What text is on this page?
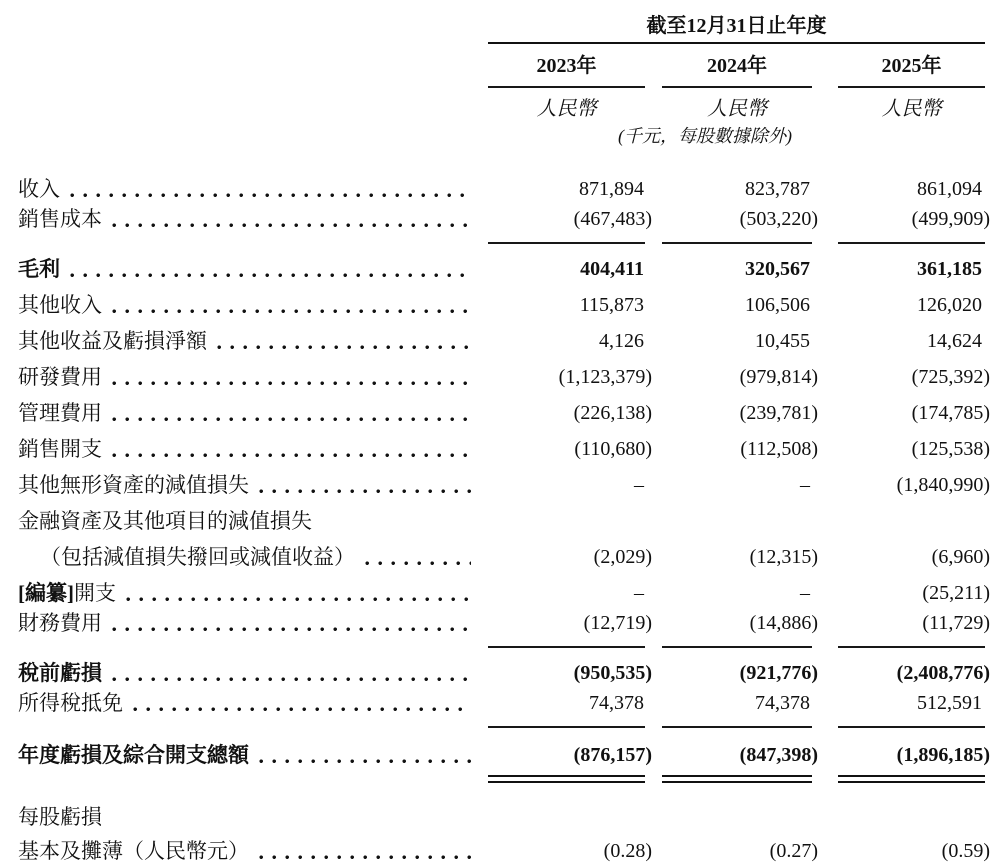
截至12月31日止年度
2023年	2024年	2025年
人民幣	人民幣	人民幣
(千元，每股數據除外)
收入	871,894	823,787	861,094
銷售成本	(467,483)	(503,220)	(499,909)
毛利	404,411	320,567	361,185
其他收入	115,873	106,506	126,020
其他收益及虧損淨額	4,126	10,455	14,624
研發費用	(1,123,379)	(979,814)	(725,392)
管理費用	(226,138)	(239,781)	(174,785)
銷售開支	(110,680)	(112,508)	(125,538)
其他無形資產的減值損失	–	–	(1,840,990)
金融資產及其他項目的減值損失
（包括減值損失撥回或減值收益）	(2,029)	(12,315)	(6,960)
[編纂] 開支	–	–	(25,211)
財務費用	(12,719)	(14,886)	(11,729)
稅前虧損	(950,535)	(921,776)	(2,408,776)
所得稅抵免	74,378	74,378	512,591
年度虧損及綜合開支總額	(876,157)	(847,398)	(1,896,185)
每股虧損
基本及攤薄（人民幣元）	(0.28)	(0.27)	(0.59)
